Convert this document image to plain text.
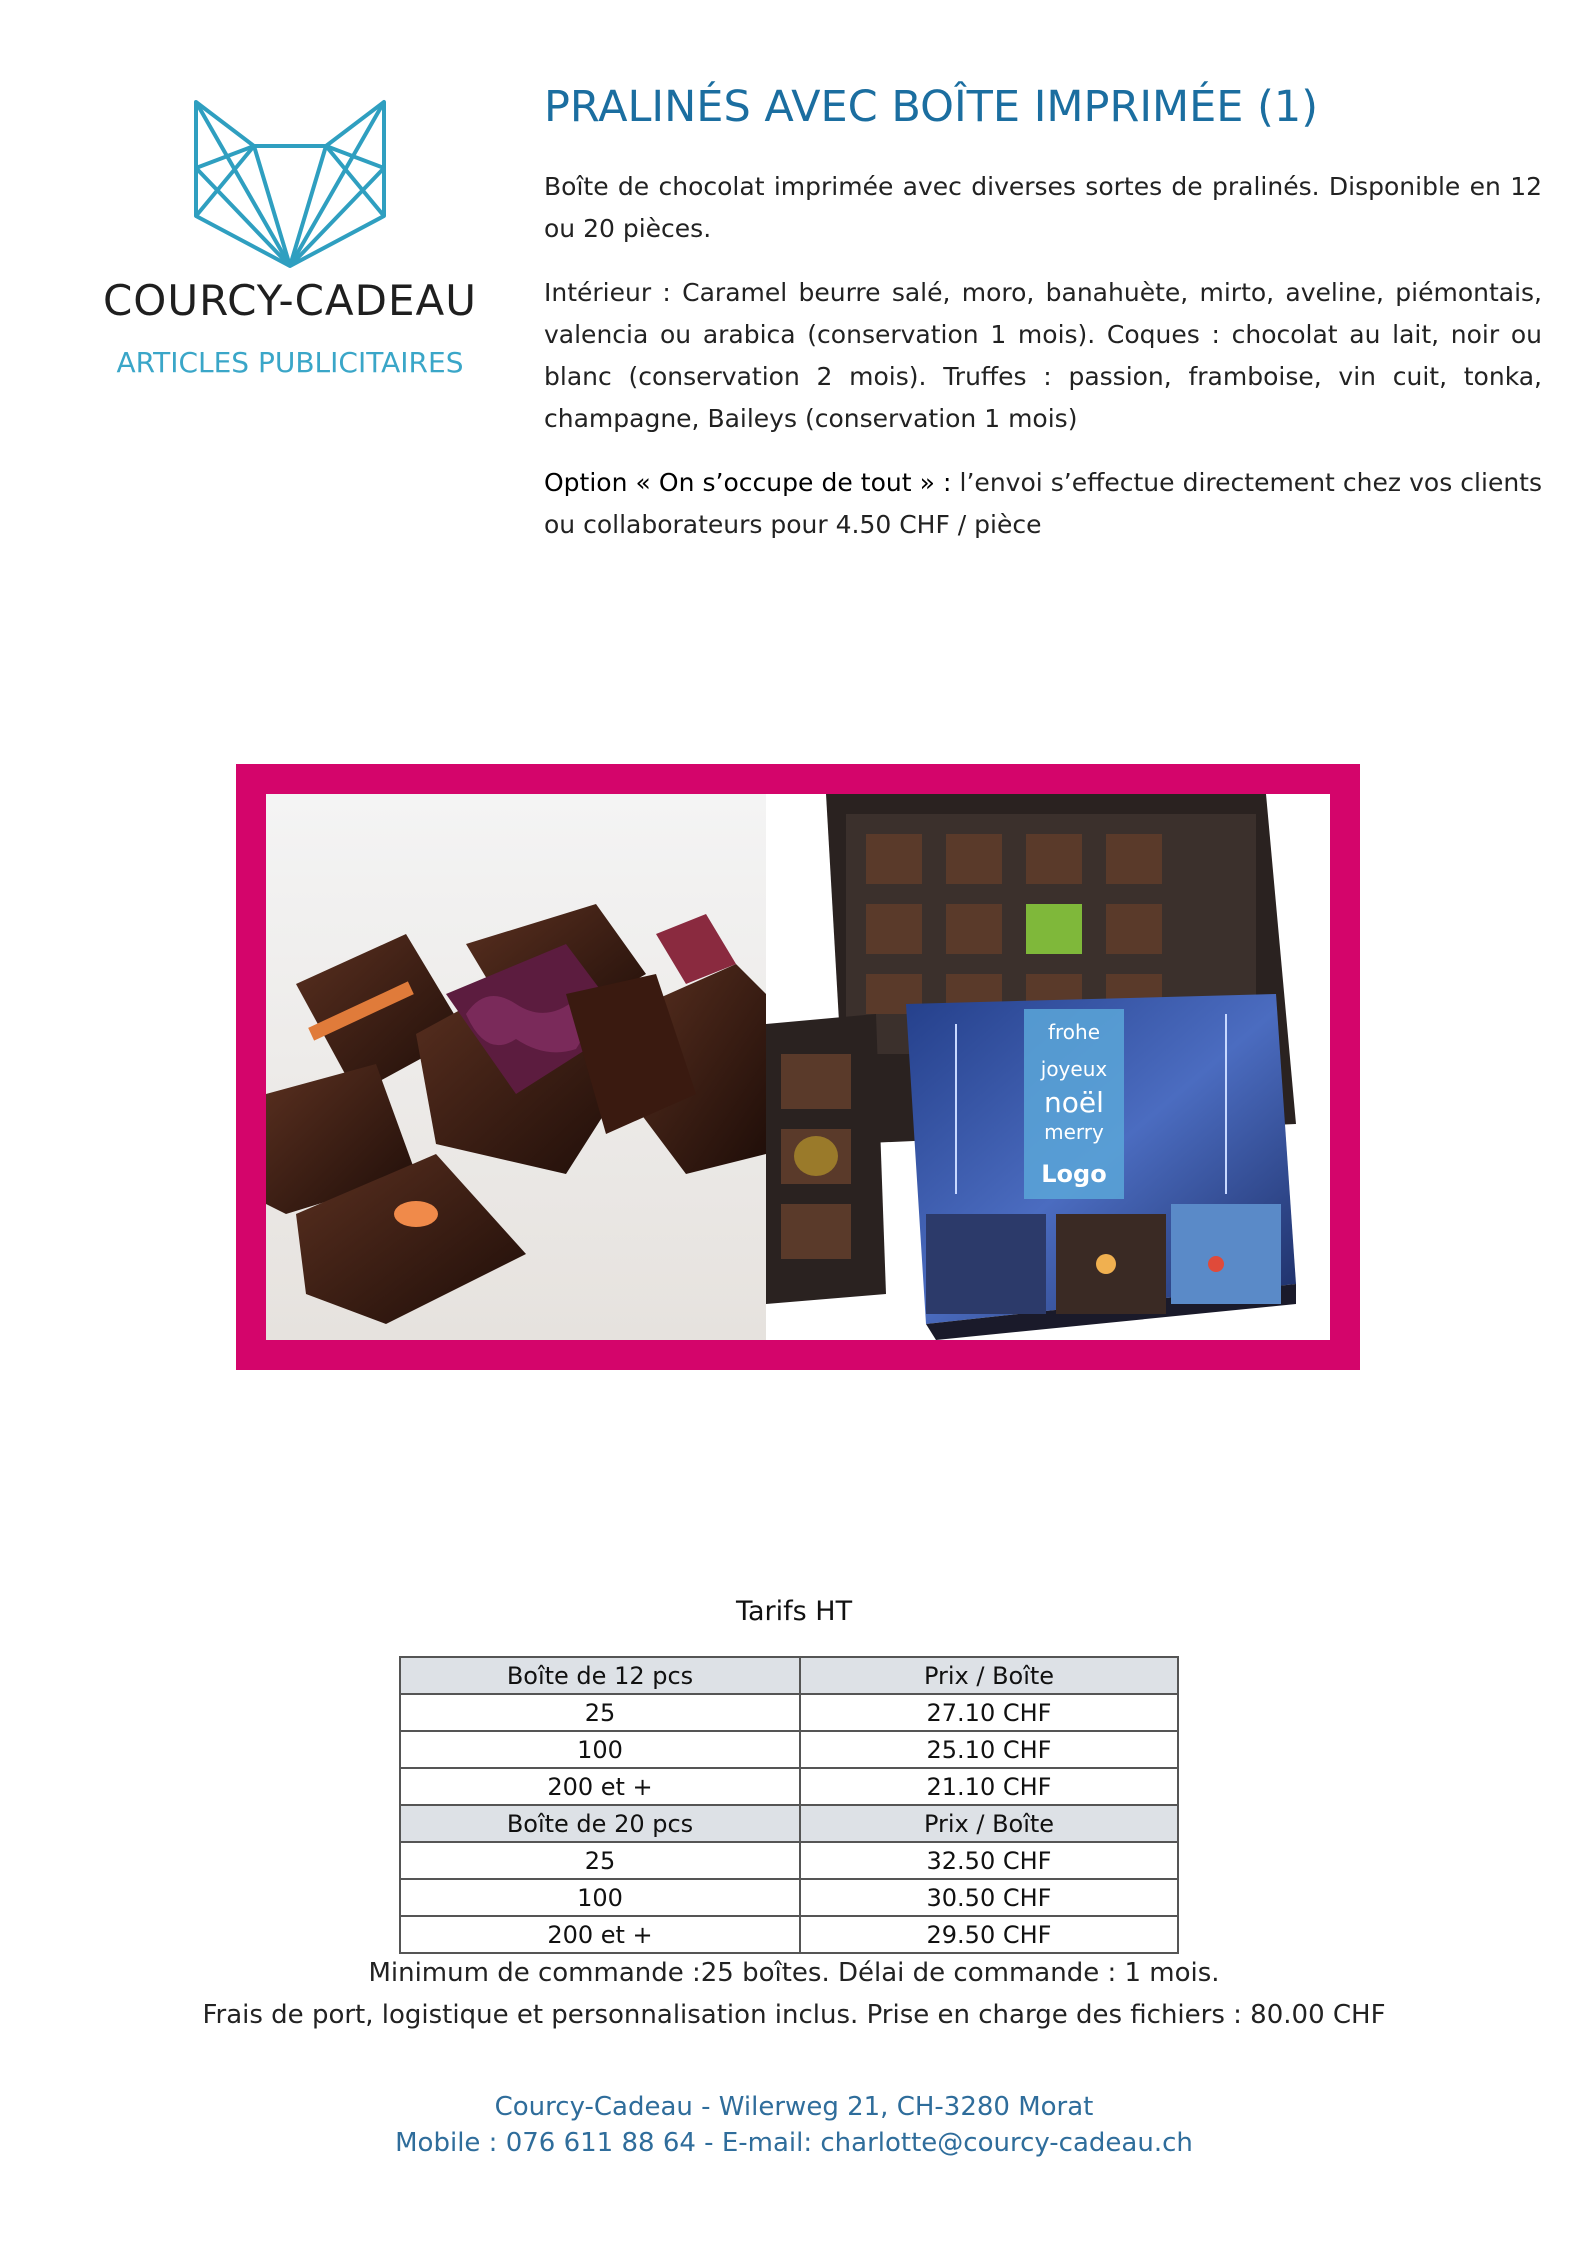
COURCY-CADEAU
ARTICLES PUBLICITAIRES
PRALINÉS AVEC BOÎTE IMPRIMÉE (1)

Boîte de chocolat imprimée avec diverses sortes de pralinés. Disponible en 12 ou 20 pièces.

Intérieur : Caramel beurre salé, moro, banahuète, mirto, aveline, piémontais, valencia ou arabica (conservation 1 mois). Coques : chocolat au lait, noir ou blanc (conservation 2 mois). Truffes : passion, framboise, vin cuit, tonka, champagne, Baileys (conservation 1 mois)

Option « On s’occupe de tout » : l’envoi s’effectue directement chez vos clients ou collaborateurs pour 4.50 CHF / pièce

frohe
joyeux
noël
merry
Logo
Tarifs HT
Boîte de 12 pcs	Prix / Boîte
25	27.10 CHF
100	25.10 CHF
200 et +	21.10 CHF
Boîte de 20 pcs	Prix / Boîte
25	32.50 CHF
100	30.50 CHF
200 et +	29.50 CHF
Minimum de commande :25 boîtes. Délai de commande : 1 mois.
Frais de port, logistique et personnalisation inclus. Prise en charge des fichiers : 80.00 CHF
Courcy-Cadeau - Wilerweg 21, CH-3280 Morat
Mobile : 076 611 88 64 - E-mail: charlotte@courcy-cadeau.ch
